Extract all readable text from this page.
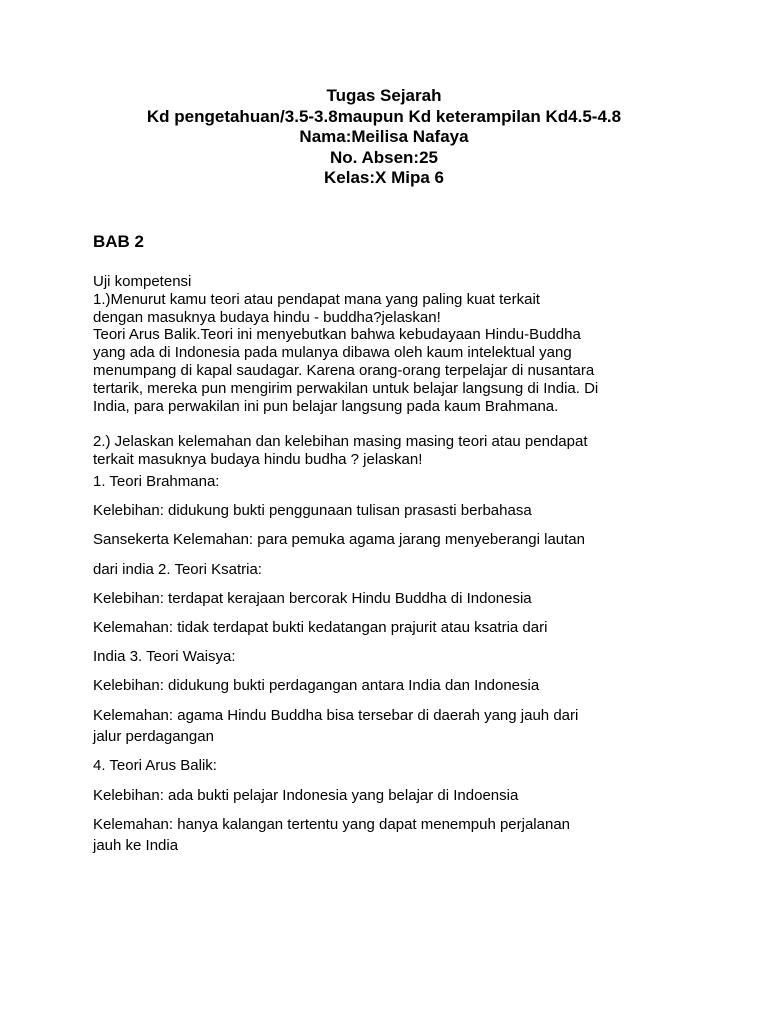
Tugas Sejarah
Kd pengetahuan/3.5-3.8maupun Kd keterampilan Kd4.5-4.8
Nama:Meilisa Nafaya
No. Absen:25
Kelas:X Mipa 6
BAB 2
Uji kompetensi
1.)Menurut kamu teori atau pendapat mana yang paling kuat terkait
dengan masuknya budaya hindu - buddha?jelaskan!
Teori Arus Balik.Teori ini menyebutkan bahwa kebudayaan Hindu-Buddha
yang ada di Indonesia pada mulanya dibawa oleh kaum intelektual yang
menumpang di kapal saudagar. Karena orang-orang terpelajar di nusantara
tertarik, mereka pun mengirim perwakilan untuk belajar langsung di India. Di
India, para perwakilan ini pun belajar langsung pada kaum Brahmana.
2.) Jelaskan kelemahan dan kelebihan masing masing teori atau pendapat
terkait masuknya budaya hindu budha ? jelaskan!
1. Teori Brahmana:
Kelebihan: didukung bukti penggunaan tulisan prasasti berbahasa
Sansekerta Kelemahan: para pemuka agama jarang menyeberangi lautan
dari india 2. Teori Ksatria:
Kelebihan: terdapat kerajaan bercorak Hindu Buddha di Indonesia
Kelemahan: tidak terdapat bukti kedatangan prajurit atau ksatria dari
India 3. Teori Waisya:
Kelebihan: didukung bukti perdagangan antara India dan Indonesia
Kelemahan: agama Hindu Buddha bisa tersebar di daerah yang jauh dari
jalur perdagangan
4. Teori Arus Balik:
Kelebihan: ada bukti pelajar Indonesia yang belajar di Indoensia
Kelemahan: hanya kalangan tertentu yang dapat menempuh perjalanan
jauh ke India
